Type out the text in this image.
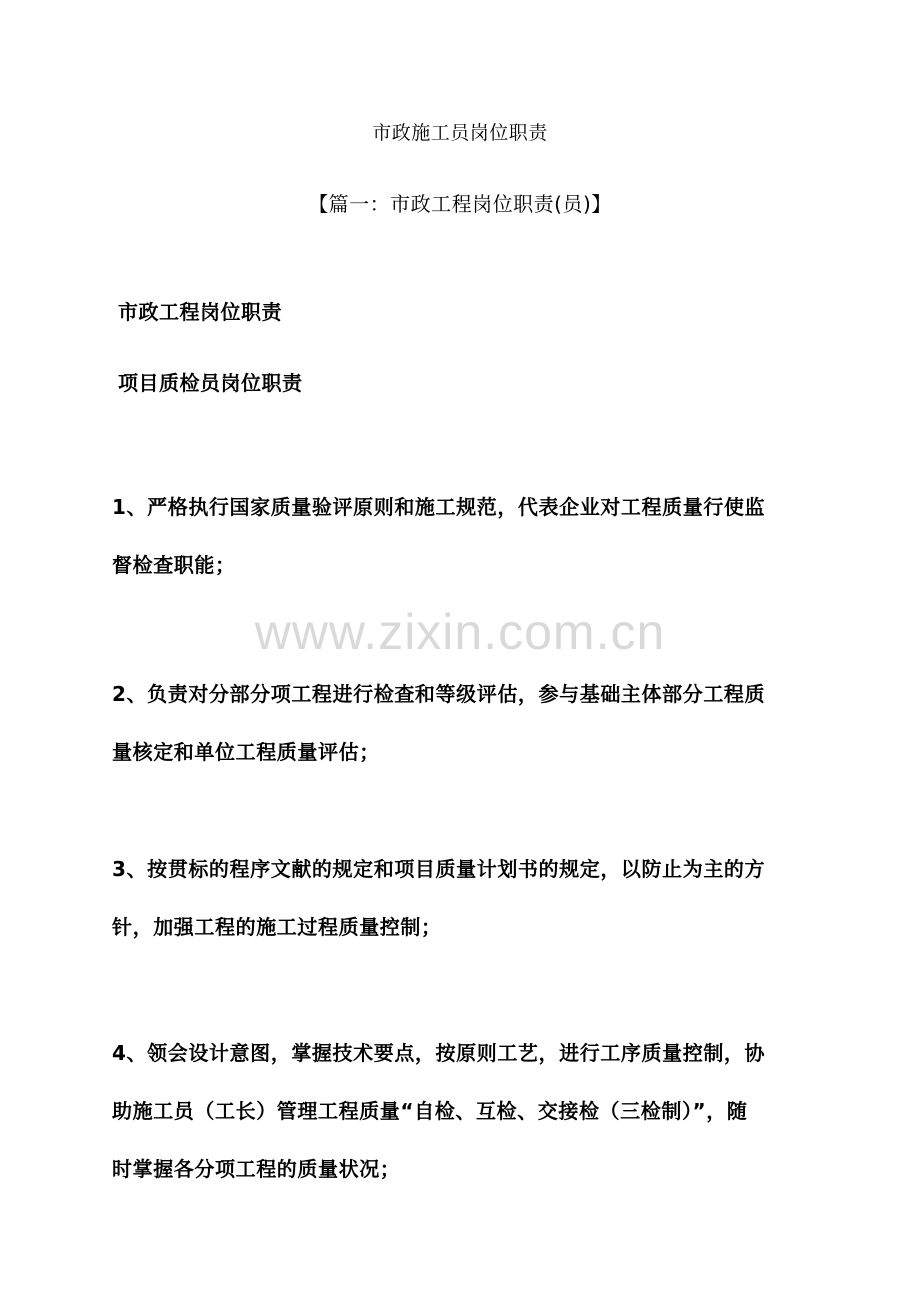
市政施工员岗位职责
【篇一：市政工程岗位职责(员)】
市政工程岗位职责
项目质检员岗位职责
www.zixin.com.cn
1、严格执行国家质量验评原则和施工规范，代表企业对工程质量行使监
督检查职能；
2、负责对分部分项工程进行检查和等级评估，参与基础主体部分工程质
量核定和单位工程质量评估；
3、按贯标的程序文献的规定和项目质量计划书的规定，以防止为主的方
针，加强工程的施工过程质量控制；
4、领会设计意图，掌握技术要点，按原则工艺，进行工序质量控制，协
助施工员（工长）管理工程质量“自检、互检、交接检（三检制）”，随
时掌握各分项工程的质量状况；
